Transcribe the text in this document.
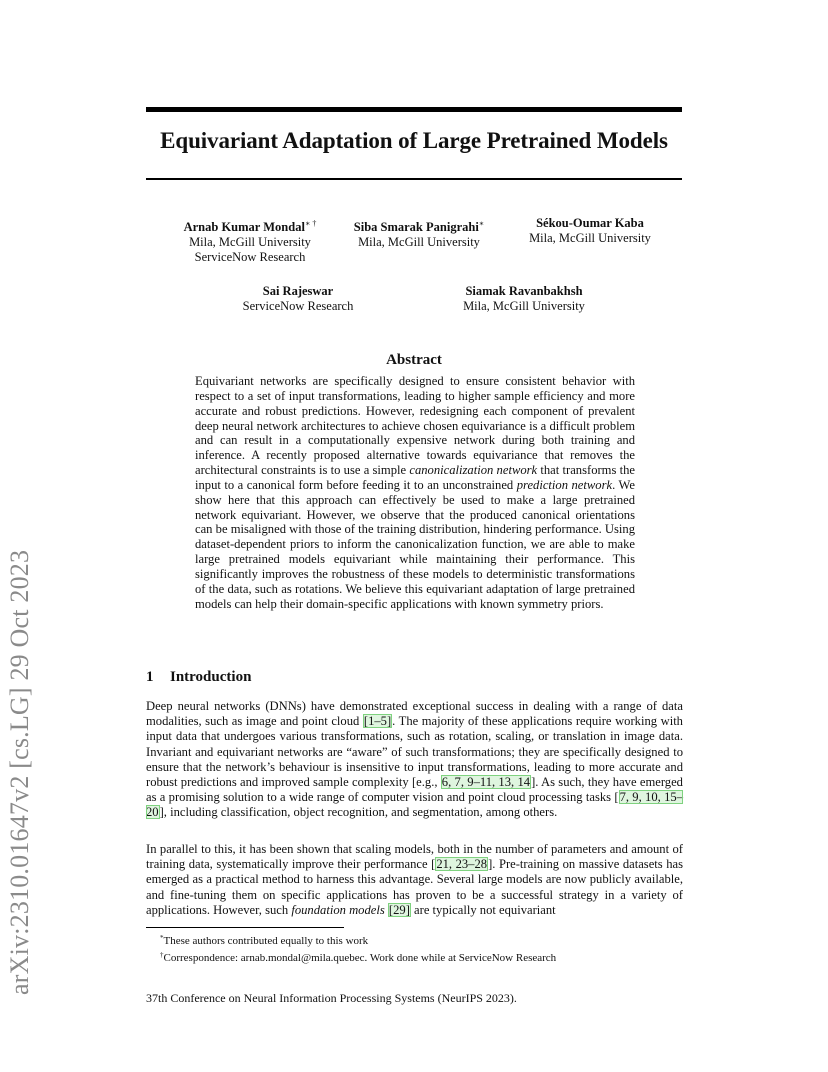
arXiv:2310.01647v2 [cs.LG] 29 Oct 2023
Equivariant Adaptation of Large Pretrained Models
Arnab Kumar Mondal∗ †
Mila, McGill University
ServiceNow Research
Siba Smarak Panigrahi∗
Mila, McGill University
Sékou-Oumar Kaba
Mila, McGill University
Sai Rajeswar
ServiceNow Research
Siamak Ravanbakhsh
Mila, McGill University
Abstract
Equivariant networks are specifically designed to ensure consistent behavior with respect to a set of input transformations, leading to higher sample efficiency and more accurate and robust predictions. However, redesigning each component of prevalent deep neural network architectures to achieve chosen equivariance is a difficult problem and can result in a computationally expensive network during both training and inference. A recently proposed alternative towards equivariance that removes the architectural constraints is to use a simple canonicalization network that transforms the input to a canonical form before feeding it to an unconstrained prediction network. We show here that this approach can effectively be used to make a large pretrained network equivariant. However, we observe that the produced canonical orientations can be misaligned with those of the training distribution, hindering performance. Using dataset-dependent priors to inform the canonicalization function, we are able to make large pretrained models equivariant while maintaining their performance. This significantly improves the robustness of these models to deterministic transformations of the data, such as rotations. We believe this equivariant adaptation of large pretrained models can help their domain-specific applications with known symmetry priors.
1 Introduction
Deep neural networks (DNNs) have demonstrated exceptional success in dealing with a range of data modalities, such as image and point cloud [1–5]. The majority of these applications require working with input data that undergoes various transformations, such as rotation, scaling, or translation in image data. Invariant and equivariant networks are “aware” of such transformations; they are specifically designed to ensure that the network’s behaviour is insensitive to input transformations, leading to more accurate and robust predictions and improved sample complexity [e.g., 6, 7, 9–11, 13, 14]. As such, they have emerged as a promising solution to a wide range of computer vision and point cloud processing tasks [7, 9, 10, 15–20], including classification, object recognition, and segmentation, among others.
In parallel to this, it has been shown that scaling models, both in the number of parameters and amount of training data, systematically improve their performance [21, 23–28]. Pre-training on massive datasets has emerged as a practical method to harness this advantage. Several large models are now publicly available, and fine-tuning them on specific applications has proven to be a successful strategy in a variety of applications. However, such foundation models [29] are typically not equivariant
*These authors contributed equally to this work
†Correspondence: arnab.mondal@mila.quebec. Work done while at ServiceNow Research
37th Conference on Neural Information Processing Systems (NeurIPS 2023).
